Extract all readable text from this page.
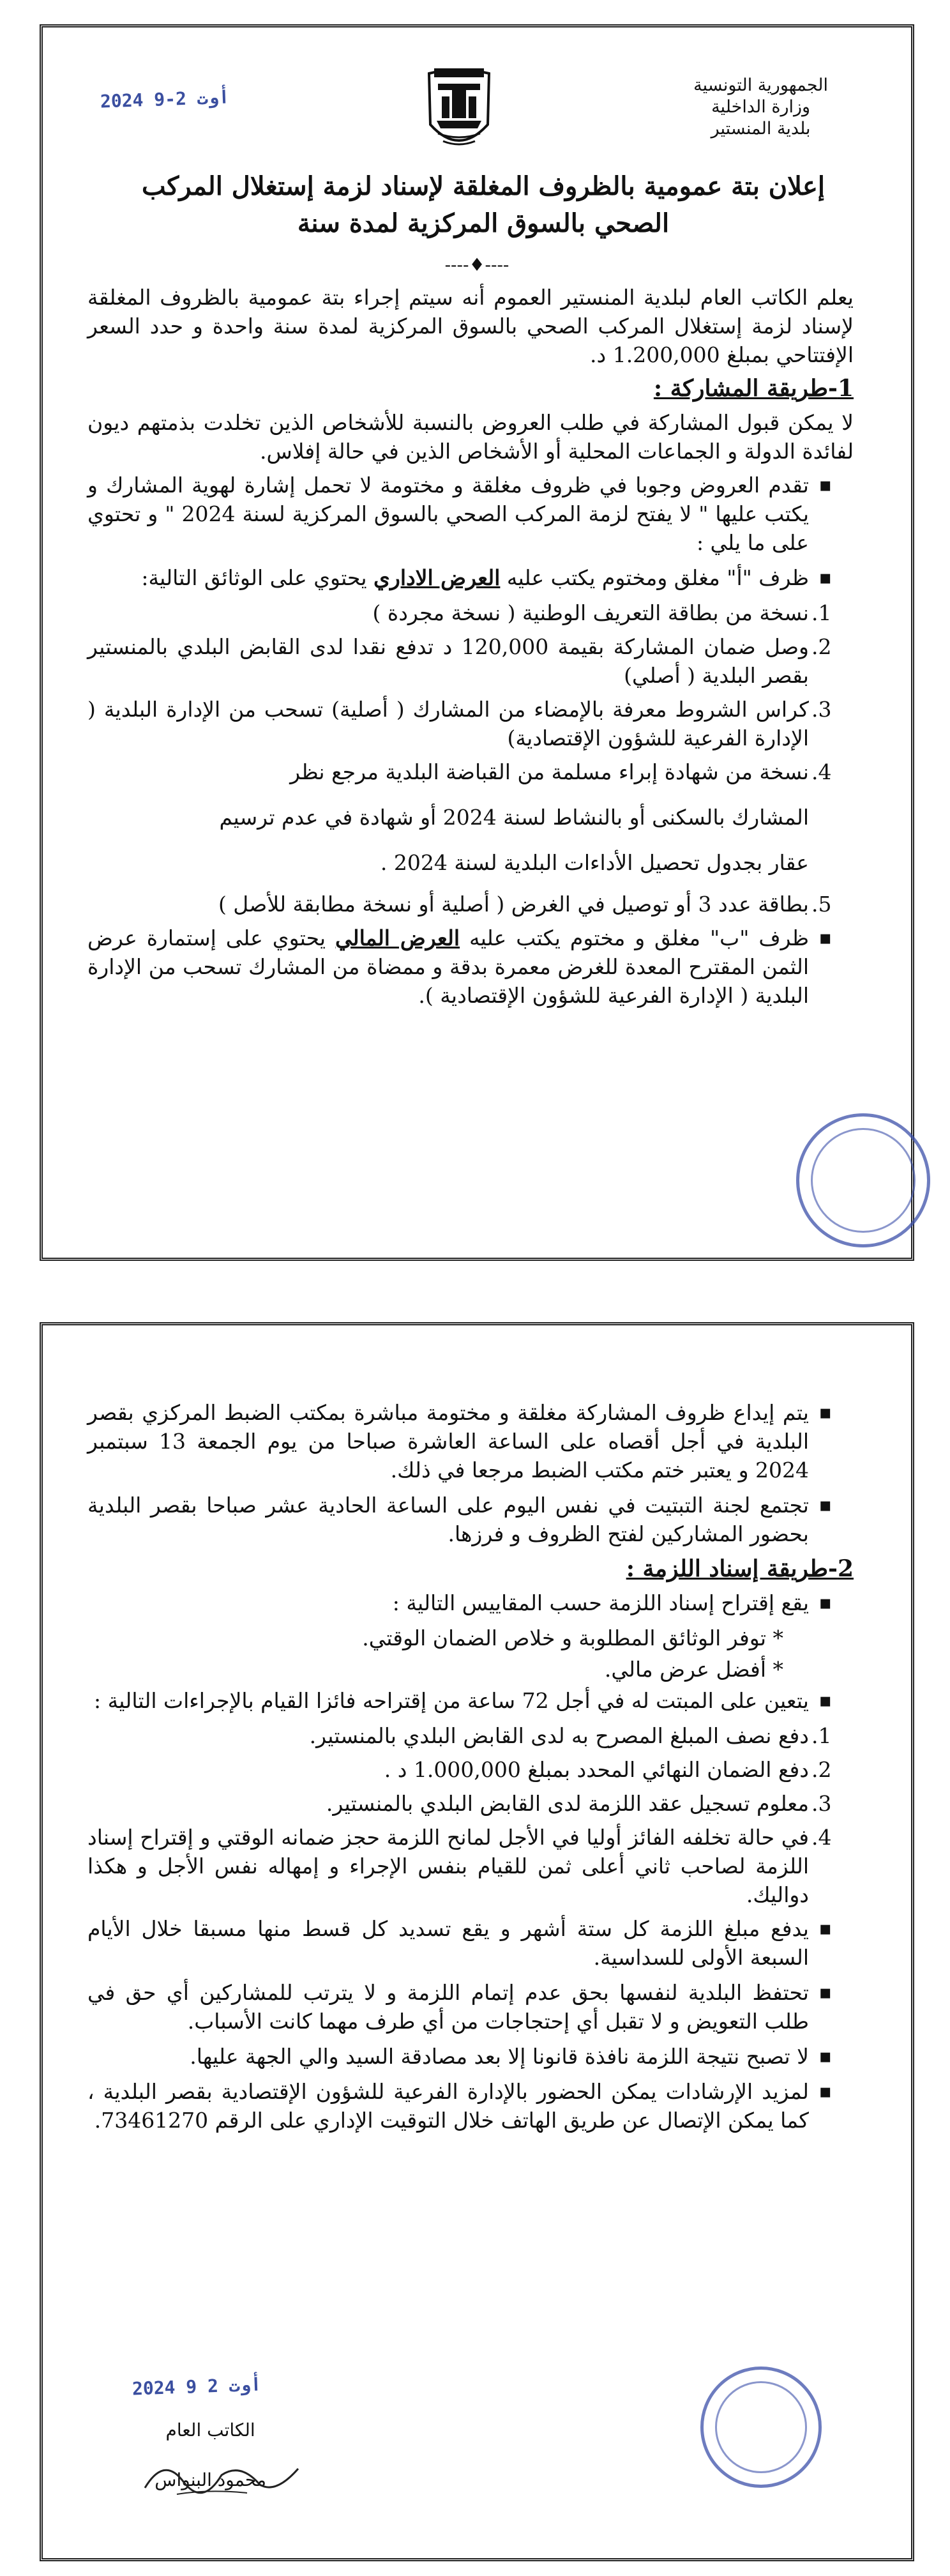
الجمهورية التونسية
وزارة الداخلية
بلدية المنستير
2024 أوت 2-9
إعلان بتة عمومية بالظروف المغلقة لإسناد لزمة إستغلال المركب الصحي بالسوق المركزية لمدة سنة
----♦----

يعلم الكاتب العام لبلدية المنستير العموم أنه سيتم إجراء بتة عمومية بالظروف المغلقة لإسناد لزمة إستغلال المركب الصحي بالسوق المركزية لمدة سنة واحدة و حدد السعر الإفتتاحي بمبلغ 1.200,000 د.

1-طريقة المشاركة :

لا يمكن قبول المشاركة في طلب العروض بالنسبة للأشخاص الذين تخلدت بذمتهم ديون لفائدة الدولة و الجماعات المحلية أو الأشخاص الذين في حالة إفلاس.

▪ تقدم العروض وجوبا في ظروف مغلقة و مختومة لا تحمل إشارة لهوية المشارك و يكتب عليها " لا يفتح لزمة المركب الصحي بالسوق المركزية لسنة 2024 " و تحتوي على ما يلي :
▪ ظرف "أ" مغلق ومختوم يكتب عليه العرض الاداري يحتوي على الوثائق التالية:
1.
نسخة من بطاقة التعريف الوطنية ( نسخة مجردة )
2.
وصل ضمان المشاركة بقيمة 120,000 د تدفع نقدا لدى القابض البلدي بالمنستير بقصر البلدية ( أصلي)
3.
كراس الشروط معرفة بالإمضاء من المشارك ( أصلية) تسحب من الإدارة البلدية ( الإدارة الفرعية للشؤون الإقتصادية)
4.
نسخة من شهادة إبراء مسلمة من القباضة البلدية مرجع نظر
المشارك بالسكنى أو بالنشاط لسنة 2024 أو شهادة في عدم ترسيم
عقار بجدول تحصيل الأداءات البلدية لسنة 2024 .
5.
بطاقة عدد 3 أو توصيل في الغرض ( أصلية أو نسخة مطابقة للأصل )
▪ ظرف "ب" مغلق و مختوم يكتب عليه العرض المالي يحتوي على إستمارة عرض الثمن المقترح المعدة للغرض معمرة بدقة و ممضاة من المشارك تسحب من الإدارة البلدية ( الإدارة الفرعية للشؤون الإقتصادية ).
▪ يتم إيداع ظروف المشاركة مغلقة و مختومة مباشرة بمكتب الضبط المركزي بقصر البلدية في أجل أقصاه على الساعة العاشرة صباحا من يوم الجمعة 13 سبتمبر 2024 و يعتبر ختم مكتب الضبط مرجعا في ذلك.
▪ تجتمع لجنة التبتيت في نفس اليوم على الساعة الحادية عشر صباحا بقصر البلدية بحضور المشاركين لفتح الظروف و فرزها.
2-طريقة إسناد اللزمة :
▪ يقع إقتراح إسناد اللزمة حسب المقاييس التالية :
* توفر الوثائق المطلوبة و خلاص الضمان الوقتي.
* أفضل عرض مالي.
▪ يتعين على المبتت له في أجل 72 ساعة من إقتراحه فائزا القيام بالإجراءات التالية :
1.
دفع نصف المبلغ المصرح به لدى القابض البلدي بالمنستير.
2.
دفع الضمان النهائي المحدد بمبلغ 1.000,000 د .
3.
معلوم تسجيل عقد اللزمة لدى القابض البلدي بالمنستير.
4.
في حالة تخلفه الفائز أوليا في الأجل لمانح اللزمة حجز ضمانه الوقتي و إقتراح إسناد اللزمة لصاحب ثاني أعلى ثمن للقيام بنفس الإجراء و إمهاله نفس الأجل و هكذا دواليك.
▪ يدفع مبلغ اللزمة كل ستة أشهر و يقع تسديد كل قسط منها مسبقا خلال الأيام السبعة الأولى للسداسية.
▪ تحتفظ البلدية لنفسها بحق عدم إتمام اللزمة و لا يترتب للمشاركين أي حق في طلب التعويض و لا تقبل أي إحتجاجات من أي طرف مهما كانت الأسباب.
▪ لا تصبح نتيجة اللزمة نافذة قانونا إلا بعد مصادقة السيد والي الجهة عليها.
▪ لمزيد الإرشادات يمكن الحضور بالإدارة الفرعية للشؤون الإقتصادية بقصر البلدية ، كما يمكن الإتصال عن طريق الهاتف خلال التوقيت الإداري على الرقم 73461270.
2024 أوت 2 9
الكاتب العام
محمود البنواس
